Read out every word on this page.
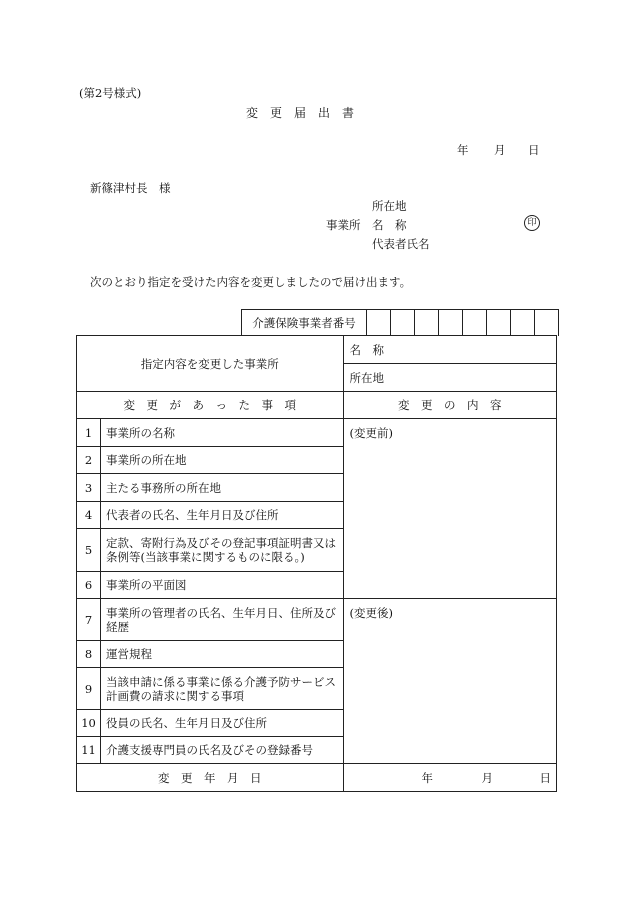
(第2号様式)
変　更　届　出　書
年 月 日
新篠津村長　様
所在地
事業所 名　称	印
代表者氏名
次のとおり指定を受けた内容を変更しましたので届け出ます。
介護保険事業者番号
指定内容を変更した事業所		名　称
		所在地
変　更　が　あ　っ　た　事　項		変　更　の　内　容
1	事業所の名称	(変更前)
2	事業所の所在地	
3	主たる事務所の所在地	
4	代表者の氏名、生年月日及び住所	
5	定款、寄附行為及びその登記事項証明書又は条例等(当該事業に関するものに限る。)	
6	事業所の平面図	
7	事業所の管理者の氏名、生年月日、住所及び経歴	(変更後)
8	運営規程	
9	当該申請に係る事業に係る介護予防サービス計画費の請求に関する事項	
10	役員の氏名、生年月日及び住所	
11	介護支援専門員の氏名及びその登録番号	
変　更　年　月　日		年 月 日
